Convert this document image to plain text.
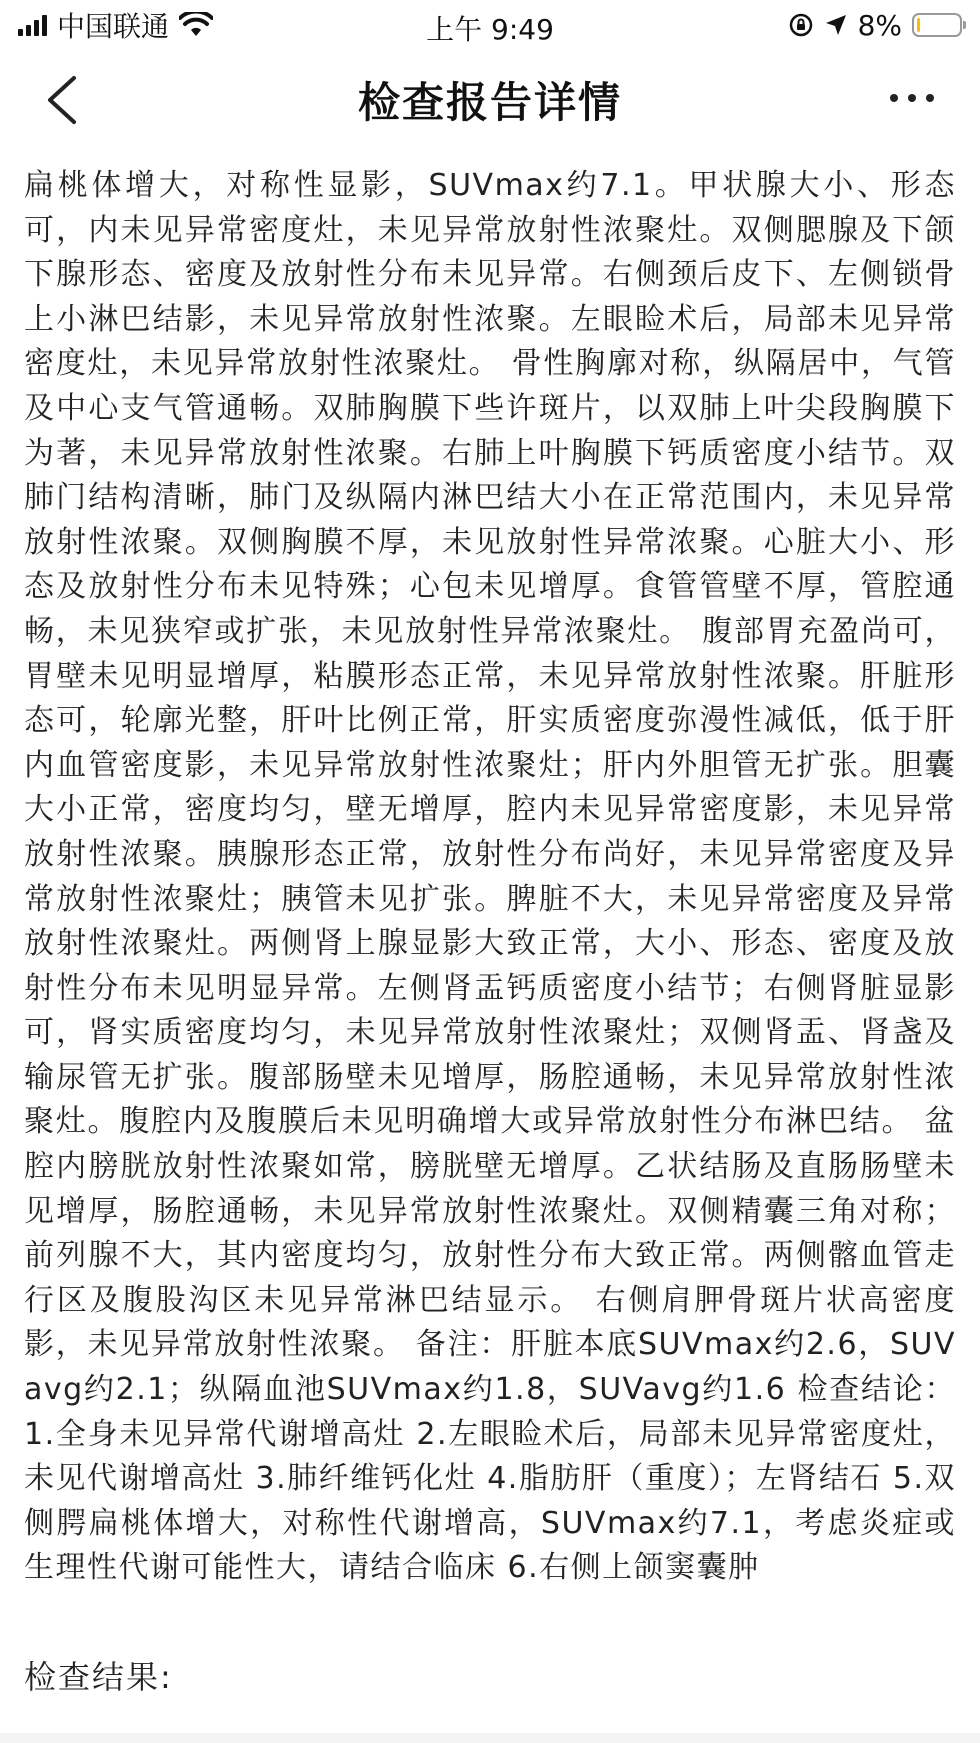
中国联通	上午 9:49	8%
检查报告详情
扁桃体增大，对称性显影，SUVmax约7.1。甲状腺大小、形态可，内未见异常密度灶，未见异常放射性浓聚灶。双侧腮腺及下颌下腺形态、密度及放射性分布未见异常。右侧颈后皮下、左侧锁骨上小淋巴结影，未见异常放射性浓聚。左眼睑术后，局部未见异常密度灶，未见异常放射性浓聚灶。 骨性胸廓对称，纵隔居中，气管及中心支气管通畅。双肺胸膜下些许斑片，以双肺上叶尖段胸膜下为著，未见异常放射性浓聚。右肺上叶胸膜下钙质密度小结节。双肺门结构清晰，肺门及纵隔内淋巴结大小在正常范围内，未见异常放射性浓聚。双侧胸膜不厚，未见放射性异常浓聚。心脏大小、形态及放射性分布未见特殊；心包未见增厚。食管管壁不厚，管腔通畅，未见狭窄或扩张，未见放射性异常浓聚灶。 腹部胃充盈尚可，胃壁未见明显增厚，粘膜形态正常，未见异常放射性浓聚。肝脏形态可，轮廓光整，肝叶比例正常，肝实质密度弥漫性减低，低于肝内血管密度影，未见异常放射性浓聚灶；肝内外胆管无扩张。胆囊大小正常，密度均匀，壁无增厚，腔内未见异常密度影，未见异常放射性浓聚。胰腺形态正常，放射性分布尚好，未见异常密度及异常放射性浓聚灶；胰管未见扩张。脾脏不大，未见异常密度及异常放射性浓聚灶。两侧肾上腺显影大致正常，大小、形态、密度及放射性分布未见明显异常。左侧肾盂钙质密度小结节；右侧肾脏显影可，肾实质密度均匀，未见异常放射性浓聚灶；双侧肾盂、肾盏及输尿管无扩张。腹部肠壁未见增厚，肠腔通畅，未见异常放射性浓聚灶。腹腔内及腹膜后未见明确增大或异常放射性分布淋巴结。 盆腔内膀胱放射性浓聚如常，膀胱壁无增厚。乙状结肠及直肠肠壁未见增厚，肠腔通畅，未见异常放射性浓聚灶。双侧精囊三角对称；前列腺不大，其内密度均匀，放射性分布大致正常。两侧髂血管走行区及腹股沟区未见异常淋巴结显示。 右侧肩胛骨斑片状高密度影，未见异常放射性浓聚。 备注：肝脏本底SUVmax约2.6，SUVavg约2.1；纵隔血池SUVmax约1.8，SUVavg约1.6 检查结论： 1.全身未见异常代谢增高灶 2.左眼睑术后，局部未见异常密度灶，未见代谢增高灶 3.肺纤维钙化灶 4.脂肪肝（重度）；左肾结石 5.双侧腭扁桃体增大，对称性代谢增高，SUVmax约7.1，考虑炎症或生理性代谢可能性大，请结合临床 6.右侧上颌窦囊肿
检查结果:
